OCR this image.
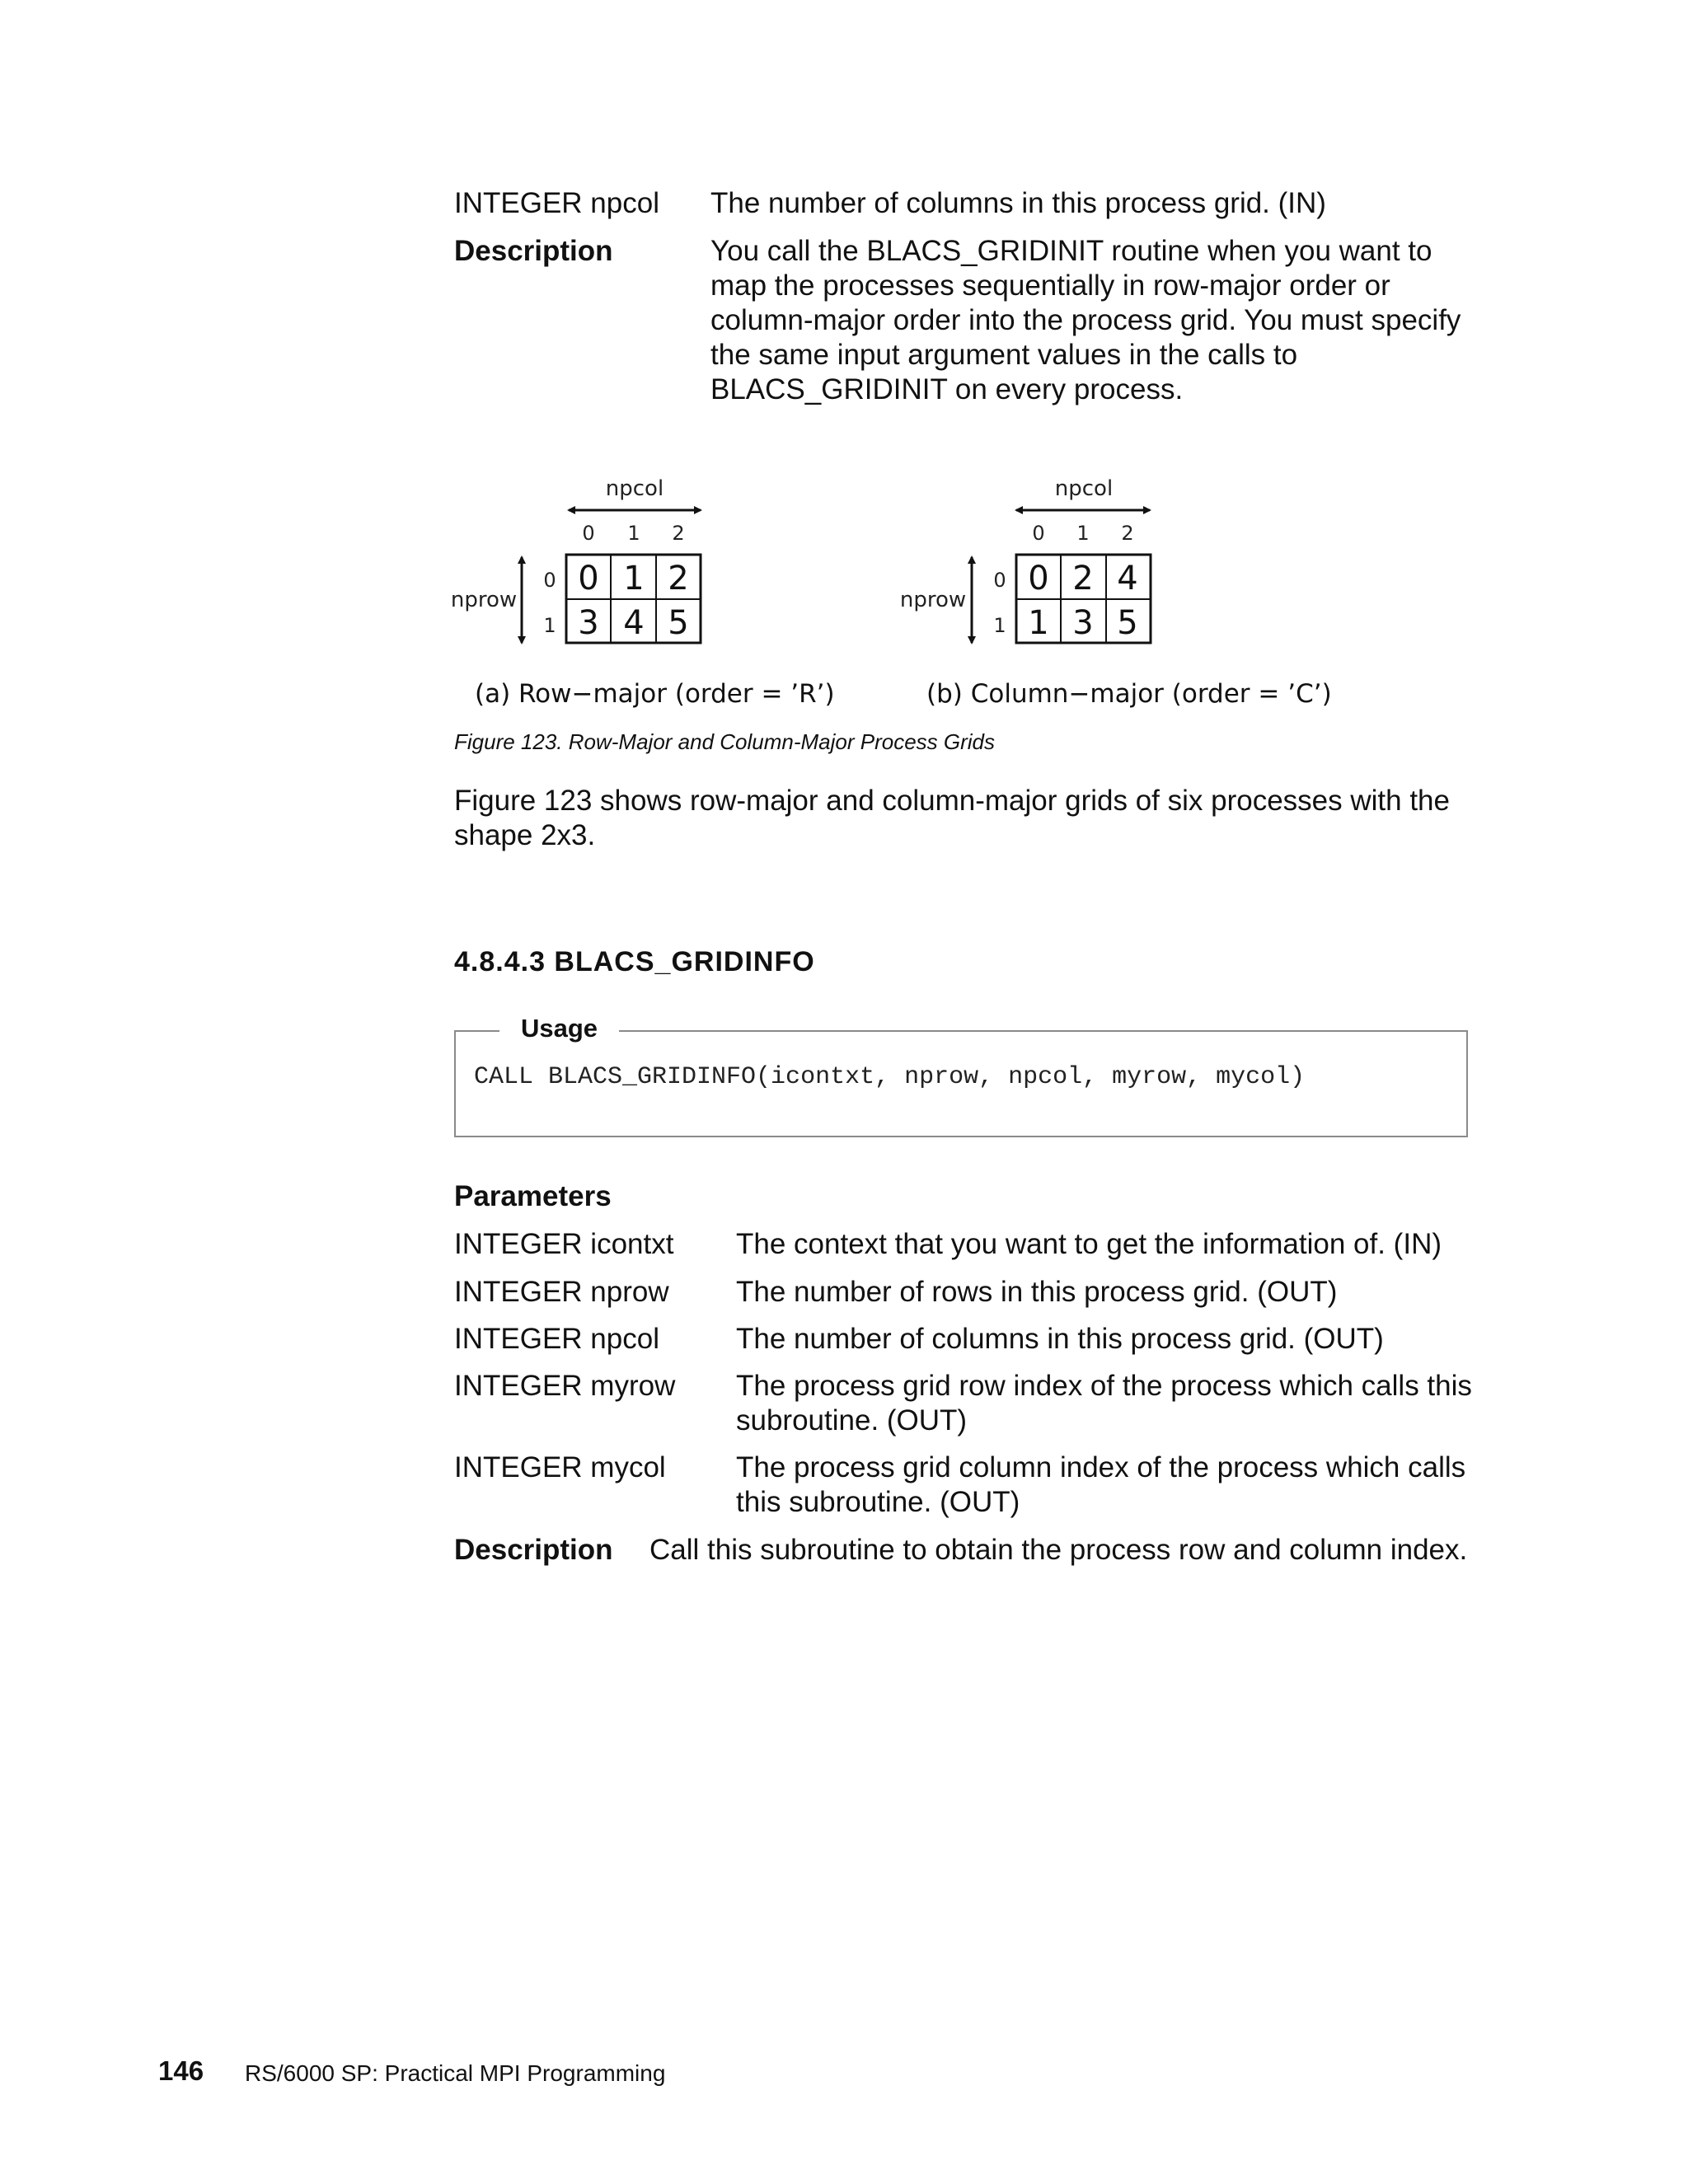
INTEGER npcol The number of columns in this process grid. (IN)
Description	You call the BLACS_GRIDINIT routine when you want to
map the processes sequentially in row-major order or
column-major order into the process grid. You must specify
the same input argument values in the calls to
BLACS_GRIDINIT on every process.
npcol
0 1 2
nprow
0
1
0 1 2
3 4 5
(a) Row−major (order = ’R’)
npcol
0 1 2
nprow
0
1
0 2 4
1 3 5
(b) Column−major (order = ’C’)
Figure 123. Row-Major and Column-Major Process Grids
Figure 123 shows row-major and column-major grids of six processes with the
shape 2x3.
4.8.4.3 BLACS_GRIDINFO
Usage
CALL BLACS_GRIDINFO(icontxt, nprow, npcol, myrow, mycol)
Parameters
INTEGER icontxt The context that you want to get the information of. (IN)
INTEGER nprow The number of rows in this process grid. (OUT)
INTEGER npcol	The number of columns in this process grid. (OUT)
INTEGER myrow The process grid row index of the process which calls this
subroutine. (OUT)
INTEGER mycol The process grid column index of the process which calls
this subroutine. (OUT)
Description Call this subroutine to obtain the process row and column index.
146 RS/6000 SP: Practical MPI Programming
